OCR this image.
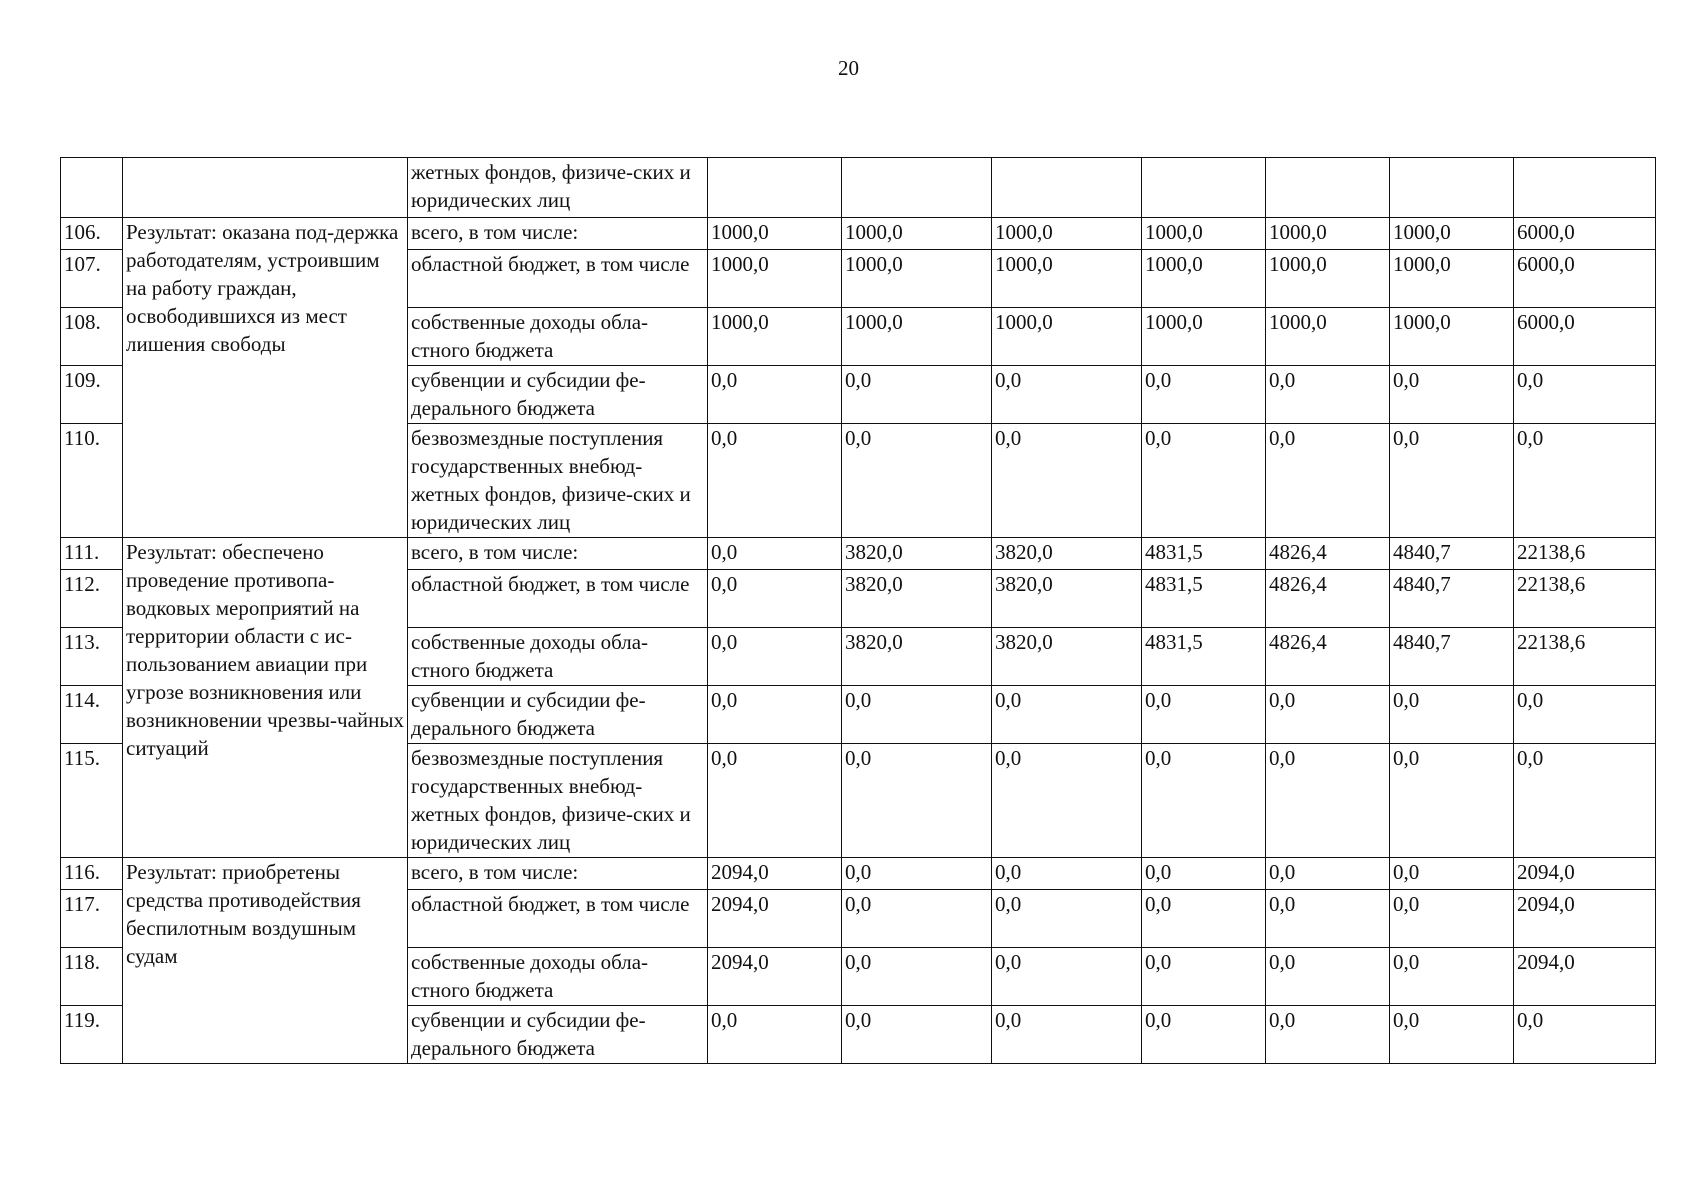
20
		жетных фондов, физиче-ских и юридических лиц							
106.	Результат: оказана под-держка работодателям, устроившим на работу граждан, освободившихся из мест лишения свободы	всего, в том числе:	1000,0	1000,0	1000,0	1000,0	1000,0	1000,0	6000,0
107.		областной бюджет, в том числе	1000,0	1000,0	1000,0	1000,0	1000,0	1000,0	6000,0
108.		собственные доходы обла-стного бюджета	1000,0	1000,0	1000,0	1000,0	1000,0	1000,0	6000,0
109.		субвенции и субсидии фе-дерального бюджета	0,0	0,0	0,0	0,0	0,0	0,0	0,0
110.		безвозмездные поступления государственных внебюд-жетных фондов, физиче-ских и юридических лиц	0,0	0,0	0,0	0,0	0,0	0,0	0,0
111.	Результат: обеспечено проведение противопа-водковых мероприятий на территории области с ис-пользованием авиации при угрозе возникновения или возникновении чрезвы-чайных ситуаций	всего, в том числе:	0,0	3820,0	3820,0	4831,5	4826,4	4840,7	22138,6
112.		областной бюджет, в том числе	0,0	3820,0	3820,0	4831,5	4826,4	4840,7	22138,6
113.		собственные доходы обла-стного бюджета	0,0	3820,0	3820,0	4831,5	4826,4	4840,7	22138,6
114.		субвенции и субсидии фе-дерального бюджета	0,0	0,0	0,0	0,0	0,0	0,0	0,0
115.		безвозмездные поступления государственных внебюд-жетных фондов, физиче-ских и юридических лиц	0,0	0,0	0,0	0,0	0,0	0,0	0,0
116.	Результат: приобретены средства противодействия беспилотным воздушным судам	всего, в том числе:	2094,0	0,0	0,0	0,0	0,0	0,0	2094,0
117.		областной бюджет, в том числе	2094,0	0,0	0,0	0,0	0,0	0,0	2094,0
118.		собственные доходы обла-стного бюджета	2094,0	0,0	0,0	0,0	0,0	0,0	2094,0
119.		субвенции и субсидии фе-дерального бюджета	0,0	0,0	0,0	0,0	0,0	0,0	0,0
